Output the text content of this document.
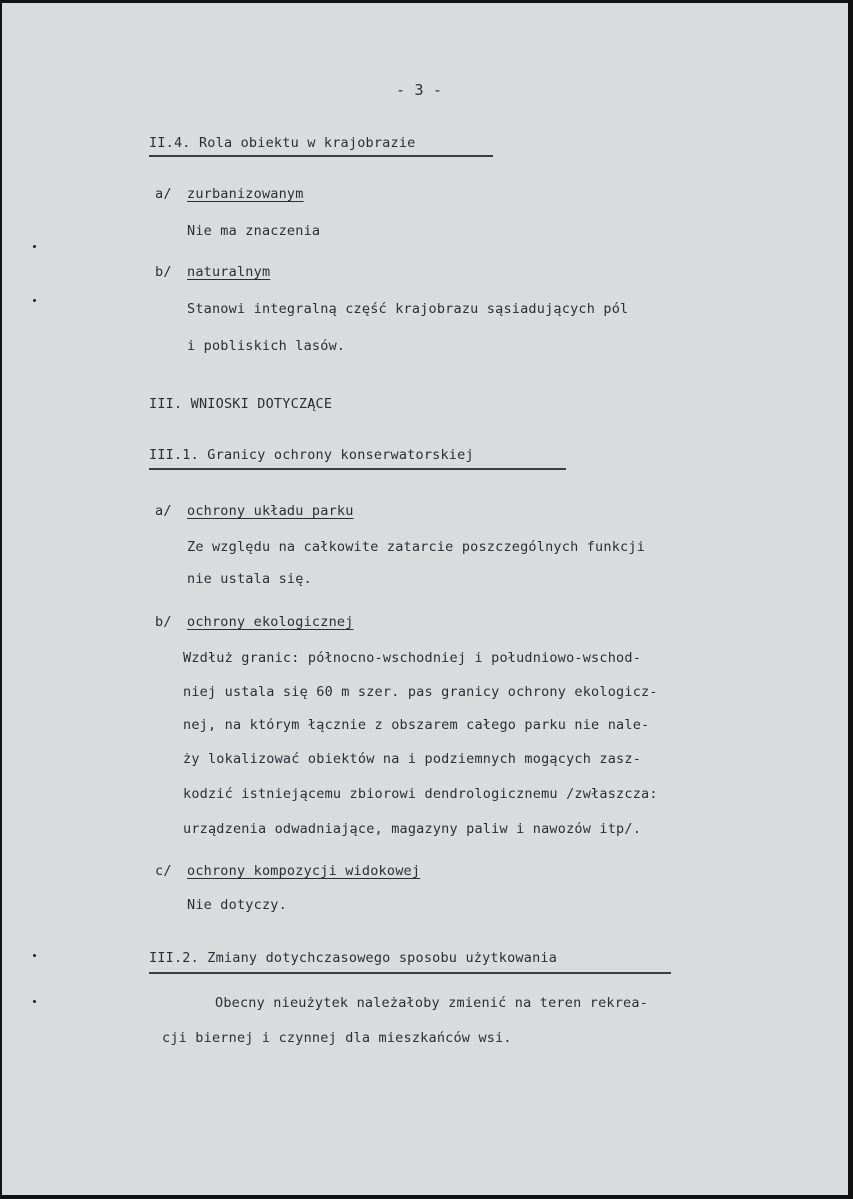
- 3 -
II.4. Rola obiektu w krajobrazie
a/ zurbanizowanym
Nie ma znaczenia
b/ naturalnym
Stanowi integralną część krajobrazu sąsiadujących pól
i pobliskich lasów.
III. WNIOSKI DOTYCZĄCE
III.1. Granicy ochrony konserwatorskiej
a/ ochrony układu parku
Ze względu na całkowite zatarcie poszczególnych funkcji
nie ustala się.
b/ ochrony ekologicznej
Wzdłuż granic: północno-wschodniej i południowo-wschod-
niej ustala się 60 m szer. pas granicy ochrony ekologicz-
nej, na którym łącznie z obszarem całego parku nie nale-
ży lokalizować obiektów na i podziemnych mogących zasz-
kodzić istniejącemu zbiorowi dendrologicznemu /zwłaszcza:
urządzenia odwadniające, magazyny paliw i nawozów itp/.
c/ ochrony kompozycji widokowej
Nie dotyczy.
III.2. Zmiany dotychczasowego sposobu użytkowania
Obecny nieużytek należałoby zmienić na teren rekrea-
cji biernej i czynnej dla mieszkańców wsi.
